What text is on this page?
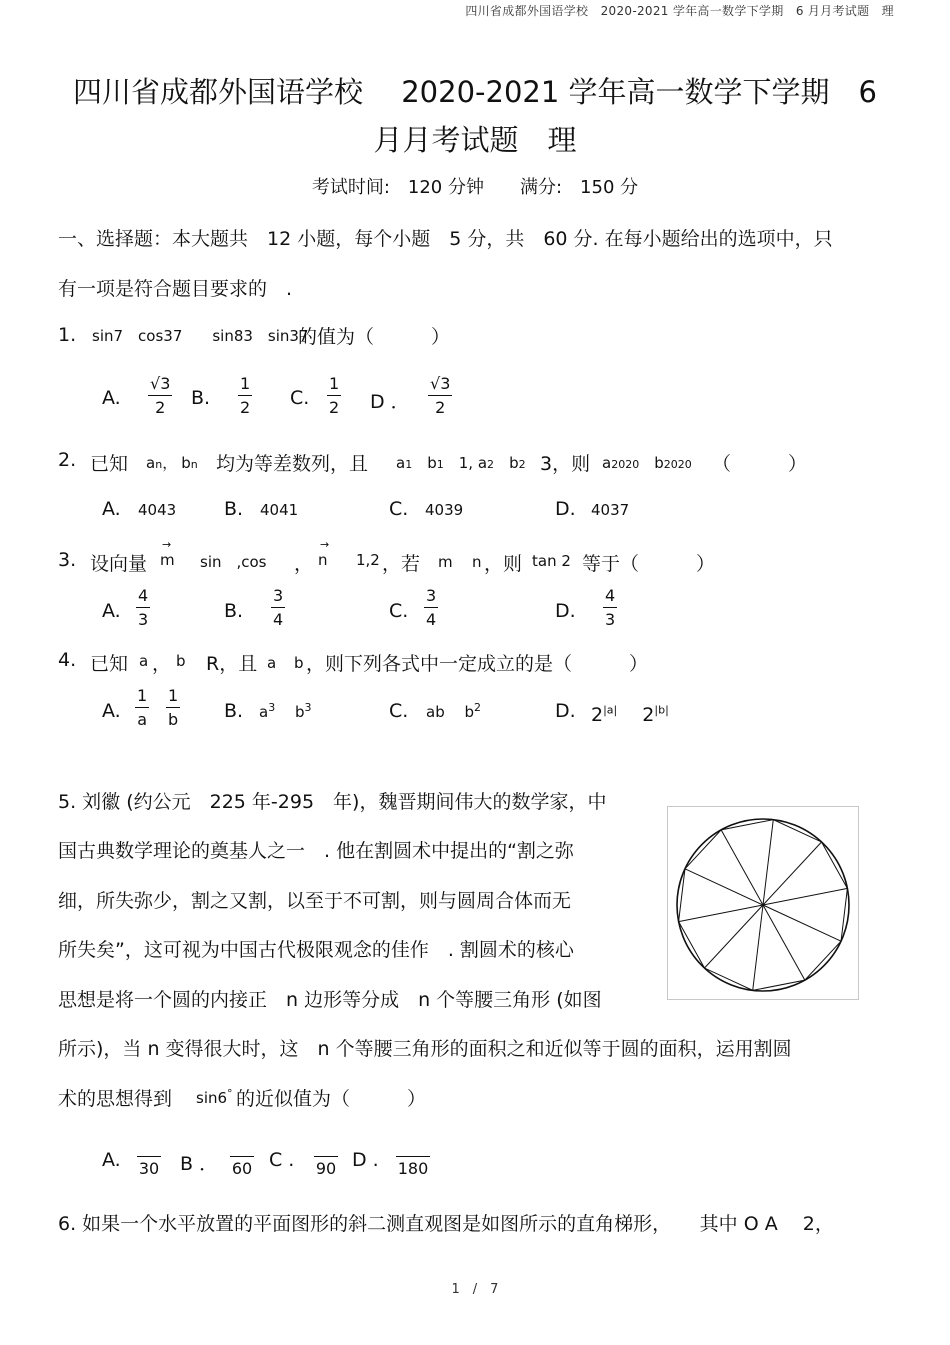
四川省成都外国语学校　2020-2021 学年高一数学下学期　6 月月考试题　理
四川省成都外国语学校　 2020-2021 学年高一数学下学期　6
月月考试题　理
考试时间:　120 分钟　　满分:　150 分
一、选择题：本大题共　12 小题，每个小题　5 分，共　60 分. 在每小题给出的选项中，只
有一项是符合题目要求的　.
1. sin7　cos37　　sin83　sin37
的值为（　　　）
A. $\frac{√3}{2} B$. $\frac{1}{2} C$. $\frac{1}{2}$ D ． $\frac{√3}{2}$
2. 已知 an， bn 均为等差数列，且 a1　 b1　 1, a2　 b2　 3，则 a2020　 b2020 （　　　）
A. 4043	B. 4041	C. 4039	D. 4037
3. 设向量
→
m sin　,cos ，
→
n 1,2 ，若 m n ，则 tan 2 等于（　　　）
A. $\frac{4}{3}$	B. $\frac{3}{4}$	C. $\frac{3}{4}$	D. $\frac{4}{3}$
4. 已知 a ， b R，且 a b ，则下列各式中一定成立的是（　　　）
A. $\frac{1}{a} \frac{1}{b} B$. $a^3$　 $b^3$	C. ab　 $b^2$	D. $2^{|a|}$　 $2^{|b|}$
5. 刘徽 (约公元　225 年-295　年)，魏晋期间伟大的数学家，中
国古典数学理论的奠基人之一　. 他在割圆术中提出的“割之弥
细，所失弥少，割之又割，以至于不可割，则与圆周合体而无
所失矣”，这可视为中国古代极限观念的佳作　. 割圆术的核心
思想是将一个圆的内接正　n 边形等分成　n 个等腰三角形 (如图
所示)，当 n 变得很大时，这　n 个等腰三角形的面积之和近似等于圆的面积，运用割圆
术的思想得到 sin6° 的近似值为（　　　）
A. 30 B ． 60 C . 90 D . 180
6. 如果一个水平放置的平面图形的斜二测直观图是如图所示的直角梯形，　　其中 O A　 2，
1　/　7
